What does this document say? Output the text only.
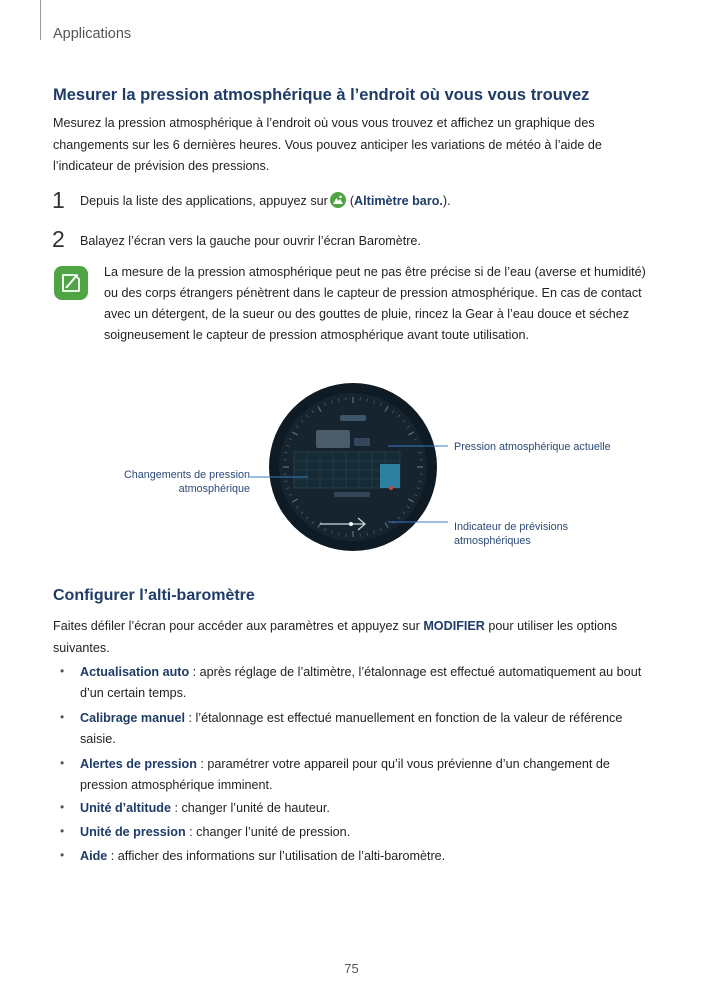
Applications
Mesurer la pression atmosphérique à l’endroit où vous vous trouvez
Mesurez la pression atmosphérique à l’endroit où vous vous trouvez et affichez un graphique des changements sur les 6 dernières heures. Vous pouvez anticiper les variations de météo à l’aide de l’indicateur de prévision des pressions.
1 Depuis la liste des applications, appuyez sur (Altimètre baro.).
2 Balayez l’écran vers la gauche pour ouvrir l’écran Baromètre.
La mesure de la pression atmosphérique peut ne pas être précise si de l’eau (averse et humidité) ou des corps étrangers pénètrent dans le capteur de pression atmosphérique. En cas de contact avec un détergent, de la sueur ou des gouttes de pluie, rincez la Gear à l’eau douce et séchez soigneusement le capteur de pression atmosphérique avant toute utilisation.
Pression atmosphérique actuelle
Changements de pression
atmosphérique
Indicateur de prévisions
atmosphériques
Configurer l’alti-baromètre
Faites défiler l’écran pour accéder aux paramètres et appuyez sur MODIFIER pour utiliser les options suivantes.
• Actualisation auto : après réglage de l’altimètre, l’étalonnage est effectué automatiquement au bout d’un certain temps.
• Calibrage manuel : l’étalonnage est effectué manuellement en fonction de la valeur de référence saisie.
• Alertes de pression : paramétrer votre appareil pour qu’il vous prévienne d’un changement de pression atmosphérique imminent.
• Unité d’altitude : changer l’unité de hauteur.
• Unité de pression : changer l’unité de pression.
• Aide : afficher des informations sur l’utilisation de l’alti-baromètre.
75
